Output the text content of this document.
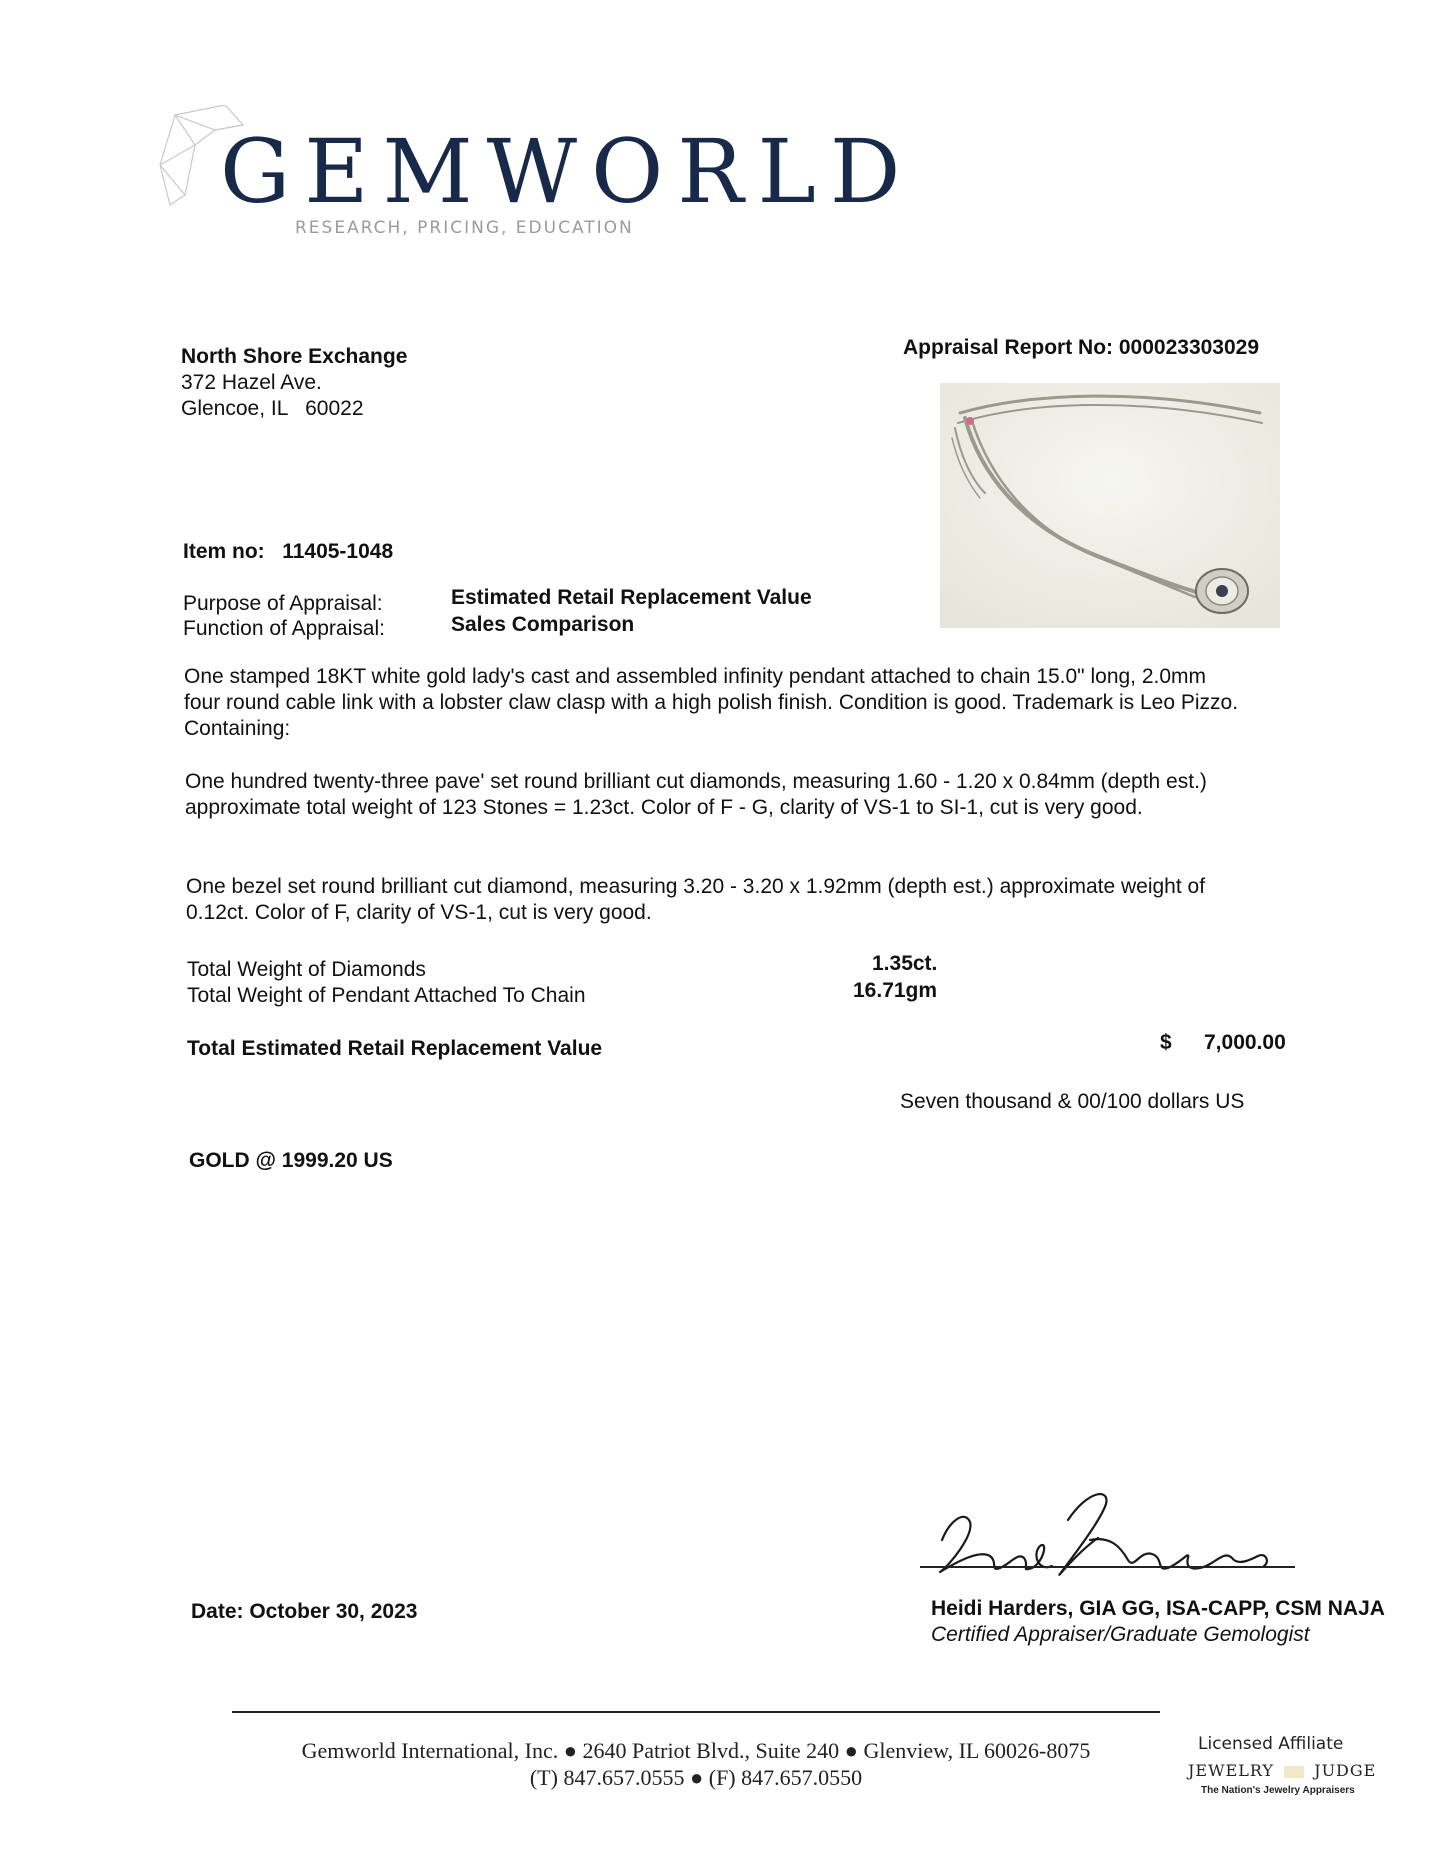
GEMWORLD
RESEARCH, PRICING, EDUCATION
North Shore Exchange
372 Hazel Ave.
Glencoe, IL   60022
Appraisal Report No: 000023303029
Item no: 11405-1048
Purpose of Appraisal:	Estimated Retail Replacement Value
Function of Appraisal:	Sales Comparison
One stamped 18KT white gold lady's cast and assembled infinity pendant attached to chain 15.0" long, 2.0mm four round cable link with a lobster claw clasp with a high polish finish. Condition is good. Trademark is Leo Pizzo. Containing:
One hundred twenty-three pave' set round brilliant cut diamonds, measuring 1.60 - 1.20 x 0.84mm (depth est.) approximate total weight of 123 Stones = 1.23ct. Color of F - G, clarity of VS-1 to SI-1, cut is very good.
One bezel set round brilliant cut diamond, measuring 3.20 - 3.20 x 1.92mm (depth est.) approximate weight of 0.12ct. Color of F, clarity of VS-1, cut is very good.
Total Weight of Diamonds	1.35ct.
Total Weight of Pendant Attached To Chain	16.71gm
Total Estimated Retail Replacement Value	$ 7,000.00
Seven thousand & 00/100 dollars US
GOLD @ 1999.20 US
Date: October 30, 2023	Heidi Harders, GIA GG, ISA-CAPP, CSM NAJA
Certified Appraiser/Graduate Gemologist
Gemworld International, Inc. ● 2640 Patriot Blvd., Suite 240 ● Glenview, IL 60026-8075
(T) 847.657.0555 ● (F) 847.657.0550
Licensed Affiliate
JEWELRY	JUDGE
The Nation's Jewelry Appraisers
